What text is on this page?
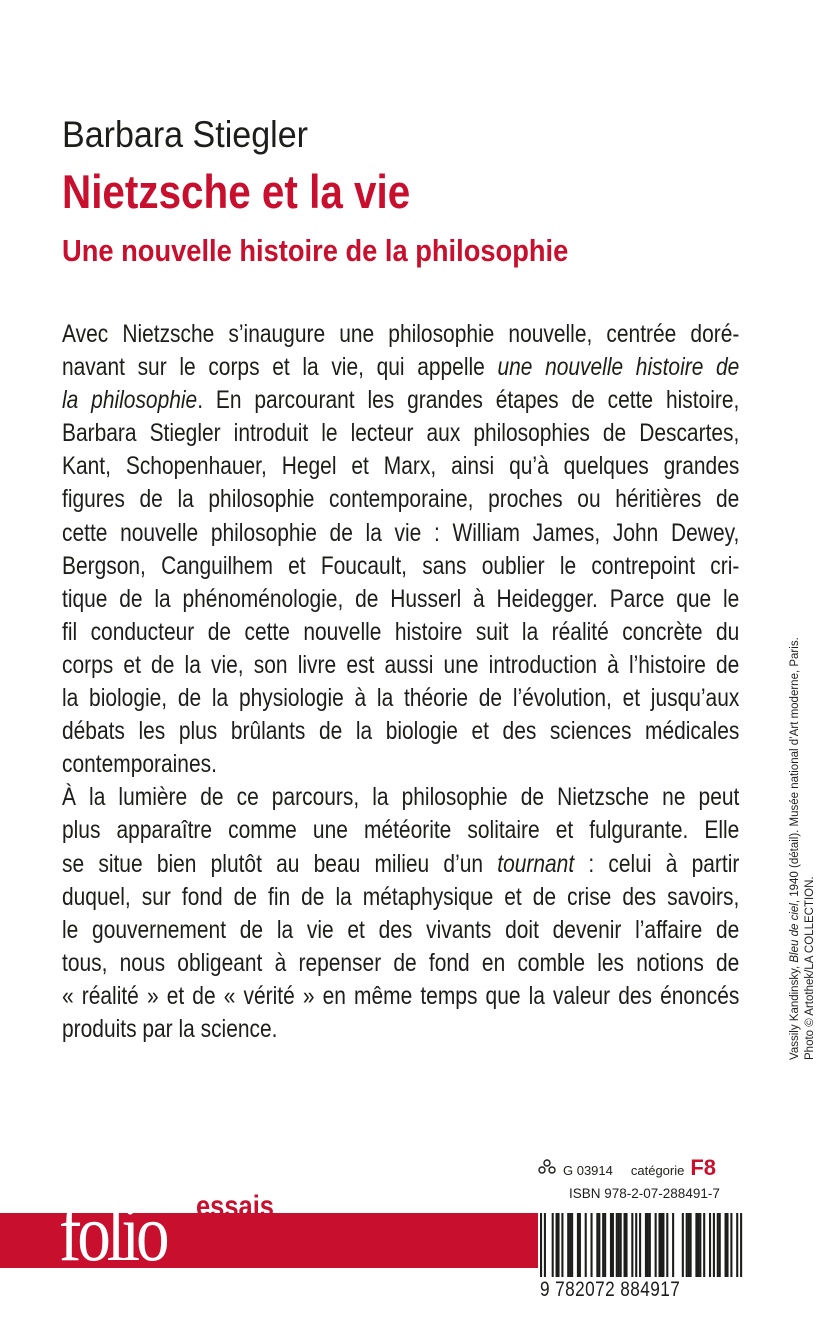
Barbara Stiegler
Nietzsche et la vie
Une nouvelle histoire de la philosophie
Avec Nietzsche s’inaugure une philosophie nouvelle, centrée doré-
navant sur le corps et la vie, qui appelle une nouvelle histoire de
la philosophie. En parcourant les grandes étapes de cette histoire,
Barbara Stiegler introduit le lecteur aux philosophies de Descartes,
Kant, Schopenhauer, Hegel et Marx, ainsi qu’à quelques grandes
figures de la philosophie contemporaine, proches ou héritières de
cette nouvelle philosophie de la vie : William James, John Dewey,
Bergson, Canguilhem et Foucault, sans oublier le contrepoint cri-
tique de la phénoménologie, de Husserl à Heidegger. Parce que le
fil conducteur de cette nouvelle histoire suit la réalité concrète du
corps et de la vie, son livre est aussi une introduction à l’histoire de
la biologie, de la physiologie à la théorie de l’évolution, et jusqu’aux
débats les plus brûlants de la biologie et des sciences médicales
contemporaines.
À la lumière de ce parcours, la philosophie de Nietzsche ne peut
plus apparaître comme une météorite solitaire et fulgurante. Elle
se situe bien plutôt au beau milieu d’un tournant : celui à partir
duquel, sur fond de fin de la métaphysique et de crise des savoirs,
le gouvernement de la vie et des vivants doit devenir l’affaire de
tous, nous obligeant à repenser de fond en comble les notions de
« réalité » et de « vérité » en même temps que la valeur des énoncés
produits par la science.	Vassily Kandinsky, Bleu de ciel, 1940 (détail). Musée national d’Art moderne, Paris.
Photo © Artothek/LA COLLECTION.
G 03914 catégorie F8
ISBN 978-2-07-288491-7
folio essais
9 782072 884917
